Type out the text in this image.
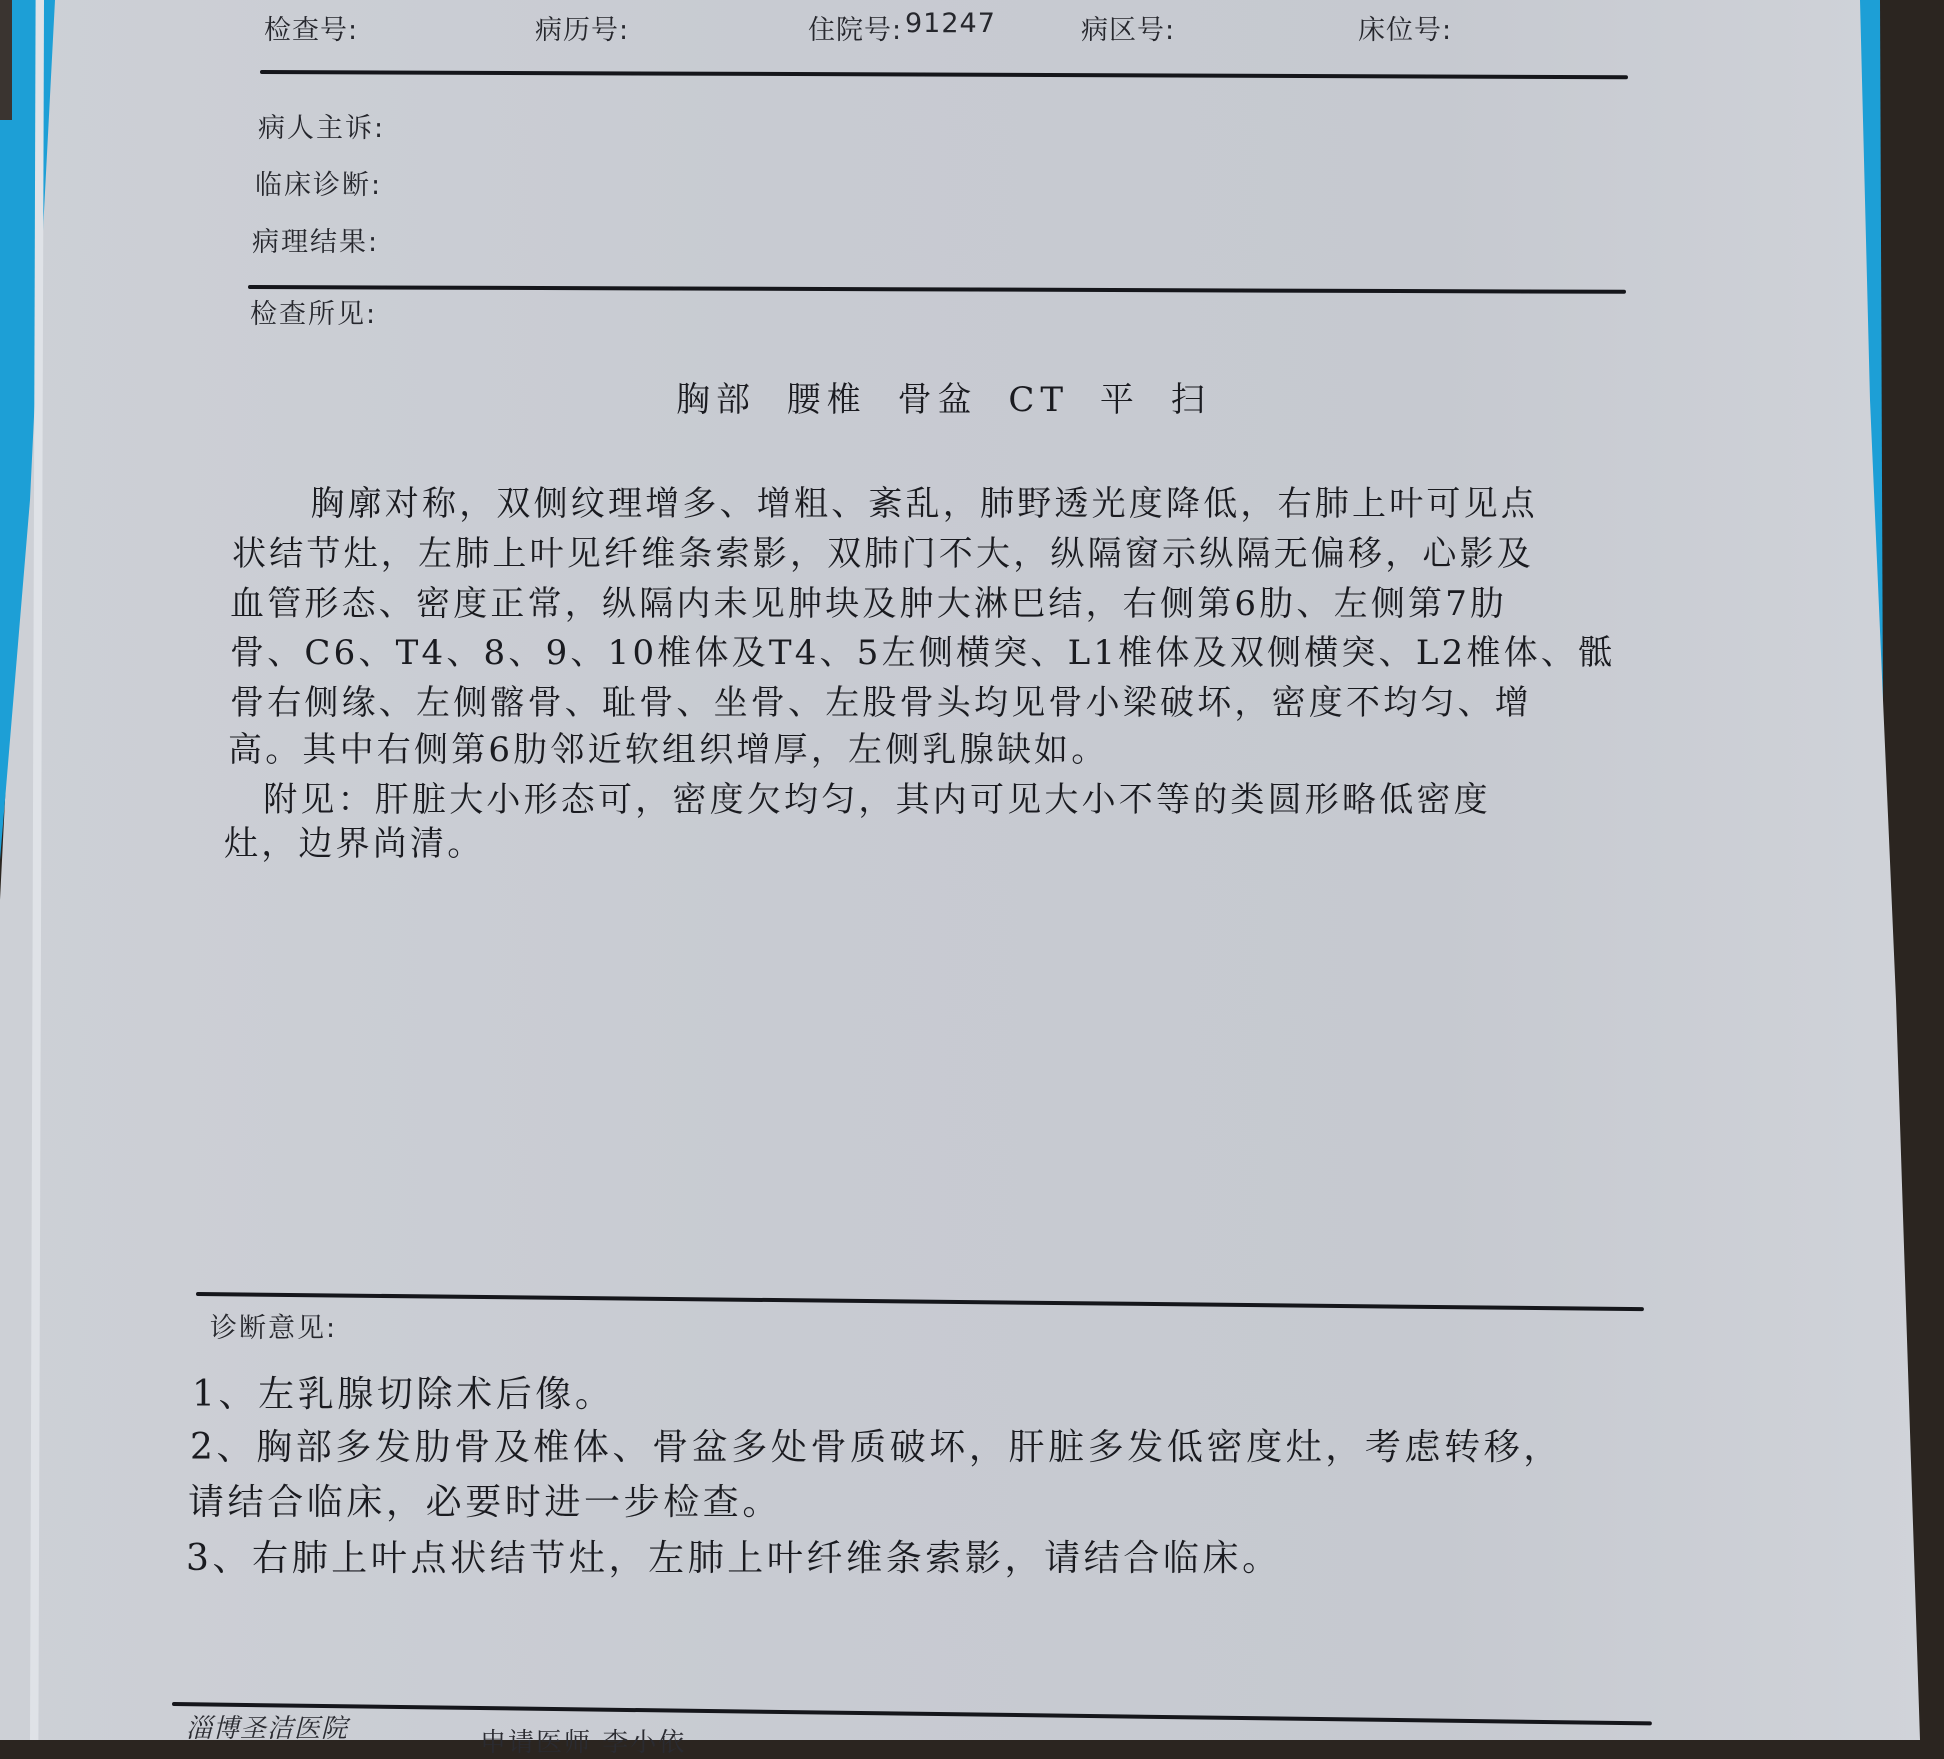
检查号:	病历号:	住院号: 91247	病区号:	床位号:
病人主诉:
临床诊断:
病理结果:
检查所见:
胸部 腰椎 骨盆 CT 平 扫
　　胸廓对称，双侧纹理增多、增粗、紊乱，肺野透光度降低，右肺上叶可见点
状结节灶，左肺上叶见纤维条索影，双肺门不大，纵隔窗示纵隔无偏移，心影及
血管形态、密度正常，纵隔内未见肿块及肿大淋巴结，右侧第6肋、左侧第7肋
骨、C6、T4、8、9、10椎体及T4、5左侧横突、L1椎体及双侧横突、L2椎体、骶
骨右侧缘、左侧髂骨、耻骨、坐骨、左股骨头均见骨小梁破坏，密度不均匀、增
高。其中右侧第6肋邻近软组织增厚，左侧乳腺缺如。
　附见：肝脏大小形态可，密度欠均匀，其内可见大小不等的类圆形略低密度
灶，边界尚清。
诊断意见:
1、左乳腺切除术后像。
2、胸部多发肋骨及椎体、骨盆多处骨质破坏，肝脏多发低密度灶，考虑转移，
请结合临床，必要时进一步检查。
3、右肺上叶点状结节灶，左肺上叶纤维条索影，请结合临床。
淄博圣洁医院	申请医师 李小依
